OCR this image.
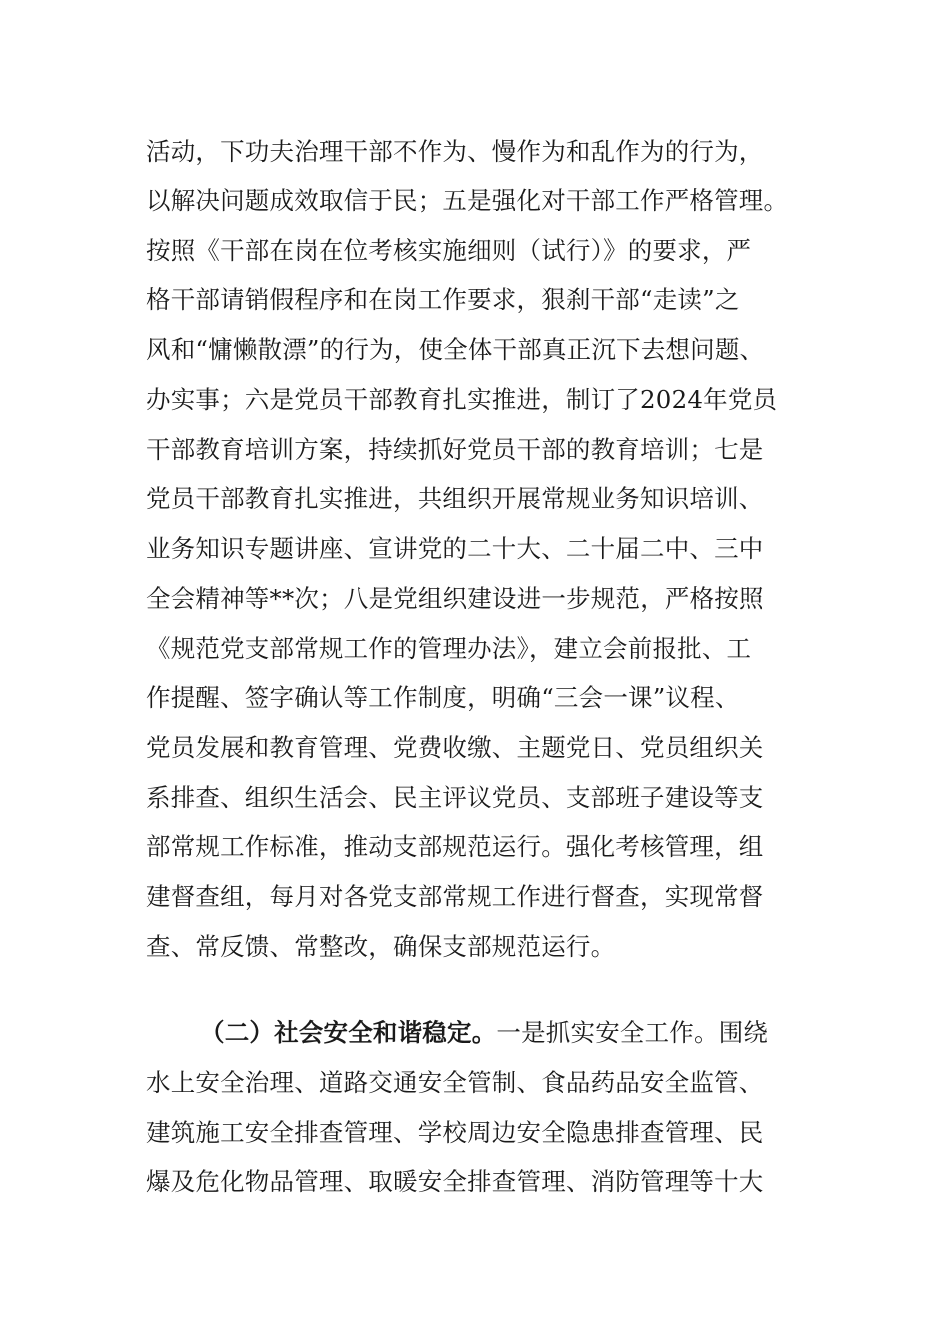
活动，下功夫治理干部不作为、慢作为和乱作为的行为，
以解决问题成效取信于民；五是强化对干部工作严格管理。
按照《干部在岗在位考核实施细则（试行）》的要求，严
格干部请销假程序和在岗工作要求，狠刹干部“走读”之
风和“慵懒散漂”的行为，使全体干部真正沉下去想问题、
办实事；六是党员干部教育扎实推进，制订了2024年党员
干部教育培训方案，持续抓好党员干部的教育培训；七是
党员干部教育扎实推进，共组织开展常规业务知识培训、
业务知识专题讲座、宣讲党的二十大、二十届二中、三中
全会精神等**次；八是党组织建设进一步规范，严格按照
《规范党支部常规工作的管理办法》，建立会前报批、工
作提醒、签字确认等工作制度，明确“三会一课”议程、
党员发展和教育管理、党费收缴、主题党日、党员组织关
系排查、组织生活会、民主评议党员、支部班子建设等支
部常规工作标准，推动支部规范运行。强化考核管理，组
建督查组，每月对各党支部常规工作进行督查，实现常督
查、常反馈、常整改，确保支部规范运行。
（二）社会安全和谐稳定。一是抓实安全工作。围绕
水上安全治理、道路交通安全管制、食品药品安全监管、
建筑施工安全排查管理、学校周边安全隐患排查管理、民
爆及危化物品管理、取暖安全排查管理、消防管理等十大
